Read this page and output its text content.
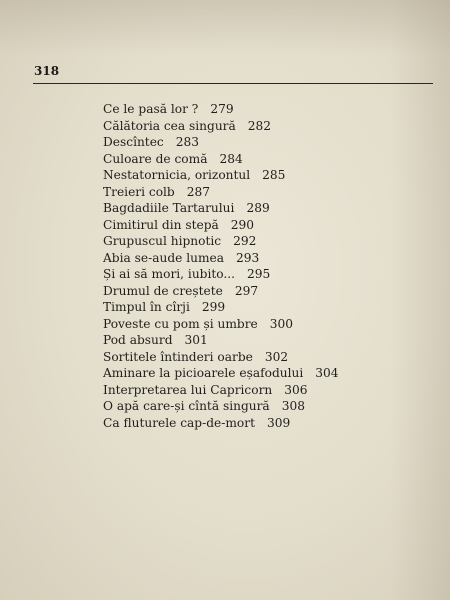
318
Ce le pasă lor ? 279
Călătoria cea singură 282
Descîntec 283
Culoare de comă 284
Nestatornicia, orizontul 285
Treieri colb 287
Bagdadiile Tartarului 289
Cimitirul din stepă 290
Grupuscul hipnotic 292
Abia se-aude lumea 293
Și ai să mori, iubito... 295
Drumul de creștete 297
Timpul în cîrji 299
Poveste cu pom și umbre 300
Pod absurd 301
Sortitele întinderi oarbe 302
Aminare la picioarele eșafodului 304
Interpretarea lui Capricorn 306
O apă care-și cîntă singură 308
Ca fluturele cap-de-mort 309
